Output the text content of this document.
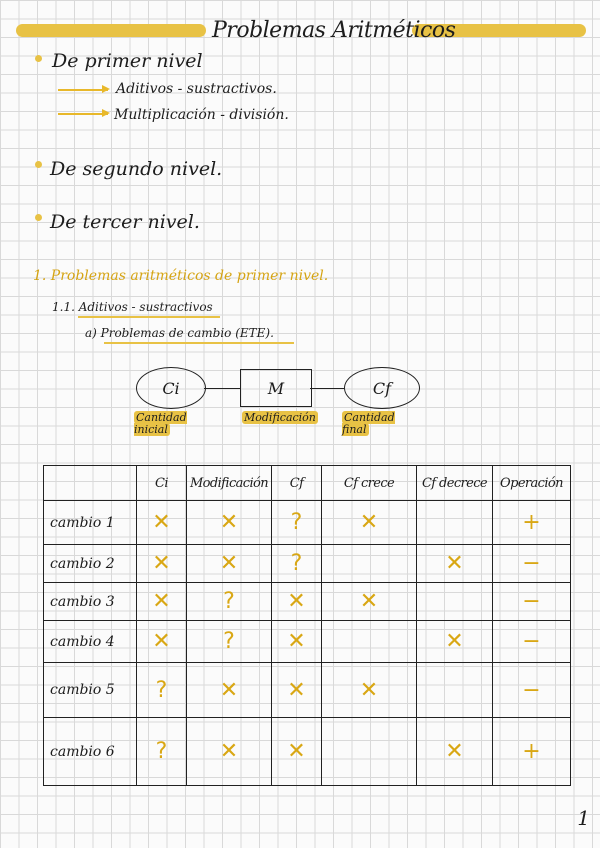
Problemas Aritméticos
De primer nivel
Aditivos - sustractivos.
Multiplicación - división.
De segundo nivel.
De tercer nivel.
1. Problemas aritméticos de primer nivel.
1.1. Aditivos - sustractivos
a) Problemas de cambio (ETE).
Ci	M	Cf
Cantidad inicial
Modificación	Cantidad final
	Ci	Modificación	Cf	Cf crece	Cf decrece	Operación
cambio 1	✕	✕	?	✕		+
cambio 2	✕	✕	?		✕	−
cambio 3	✕	?	✕	✕		−
cambio 4	✕	?	✕		✕	−
cambio 5	?	✕	✕	✕		−
cambio 6	?	✕	✕		✕	+
1
